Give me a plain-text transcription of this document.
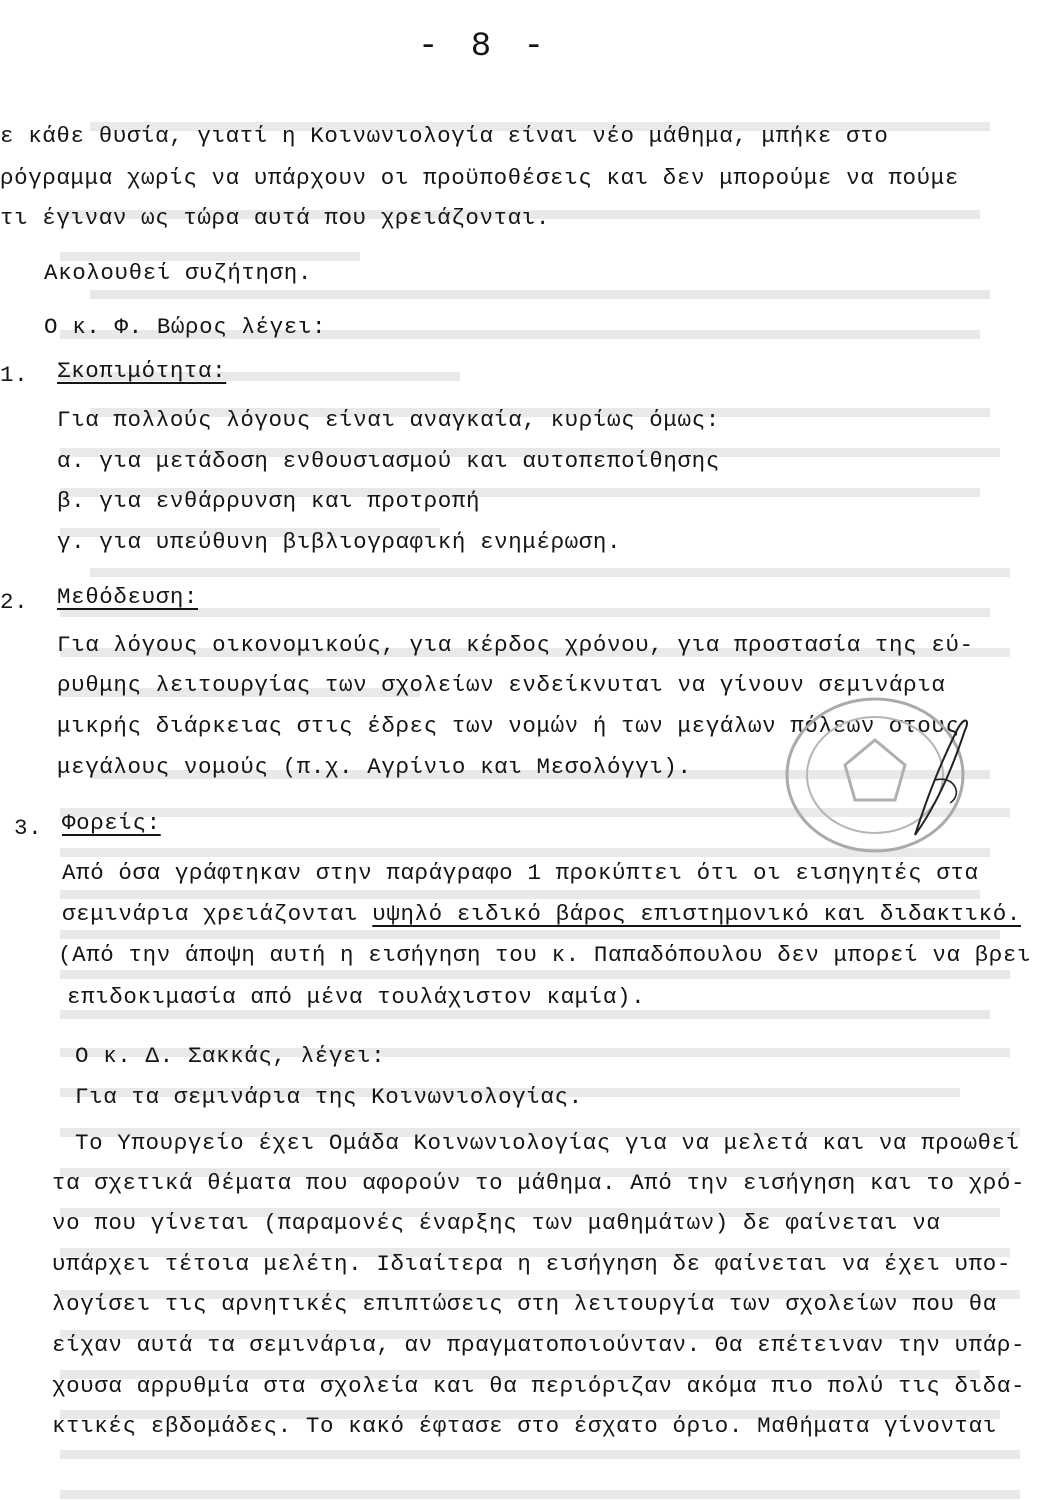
- 8 -
ε κάθε θυσία, γιατί η Κοινωνιολογία είναι νέο μάθημα, μπήκε στο
ρόγραμμα χωρίς να υπάρχουν οι προϋποθέσεις και δεν μπορούμε να πούμε
τι έγιναν ως τώρα αυτά που χρειάζονται.
Ακολουθεί συζήτηση.
Ο κ. Φ. Βώρος λέγει:
1. Σκοπιμότητα:
Για πολλούς λόγους είναι αναγκαία, κυρίως όμως:
α. για μετάδοση ενθουσιασμού και αυτοπεποίθησης
β. για ενθάρρυνση και προτροπή
γ. για υπεύθυνη βιβλιογραφική ενημέρωση.
2. Μεθόδευση:
Για λόγους οικονομικούς, για κέρδος χρόνου, για προστασία της εύ-
ρυθμης λειτουργίας των σχολείων ενδείκνυται να γίνουν σεμινάρια
μικρής διάρκειας στις έδρες των νομών ή των μεγάλων πόλεων στους
μεγάλους νομούς (π.χ. Αγρίνιο και Μεσολόγγι).
3. Φορείς:
Από όσα γράφτηκαν στην παράγραφο 1 προκύπτει ότι οι εισηγητές στα
σεμινάρια χρειάζονται υψηλό ειδικό βάρος επιστημονικό και διδακτικό.
(Από την άποψη αυτή η εισήγηση του κ. Παπαδόπουλου δεν μπορεί να βρει
επιδοκιμασία από μένα τουλάχιστον καμία).
Ο κ. Δ. Σακκάς, λέγει:
Για τα σεμινάρια της Κοινωνιολογίας.
Το Υπουργείο έχει Ομάδα Κοινωνιολογίας για να μελετά και να προωθεί
τα σχετικά θέματα που αφορούν το μάθημα. Από την εισήγηση και το χρό-
νο που γίνεται (παραμονές έναρξης των μαθημάτων) δε φαίνεται να
υπάρχει τέτοια μελέτη. Ιδιαίτερα η εισήγηση δε φαίνεται να έχει υπο-
λογίσει τις αρνητικές επιπτώσεις στη λειτουργία των σχολείων που θα
είχαν αυτά τα σεμινάρια, αν πραγματοποιούνταν. Θα επέτειναν την υπάρ-
χουσα αρρυθμία στα σχολεία και θα περιόριζαν ακόμα πιο πολύ τις διδα-
κτικές εβδομάδες. Το κακό έφτασε στο έσχατο όριο. Μαθήματα γίνονται
